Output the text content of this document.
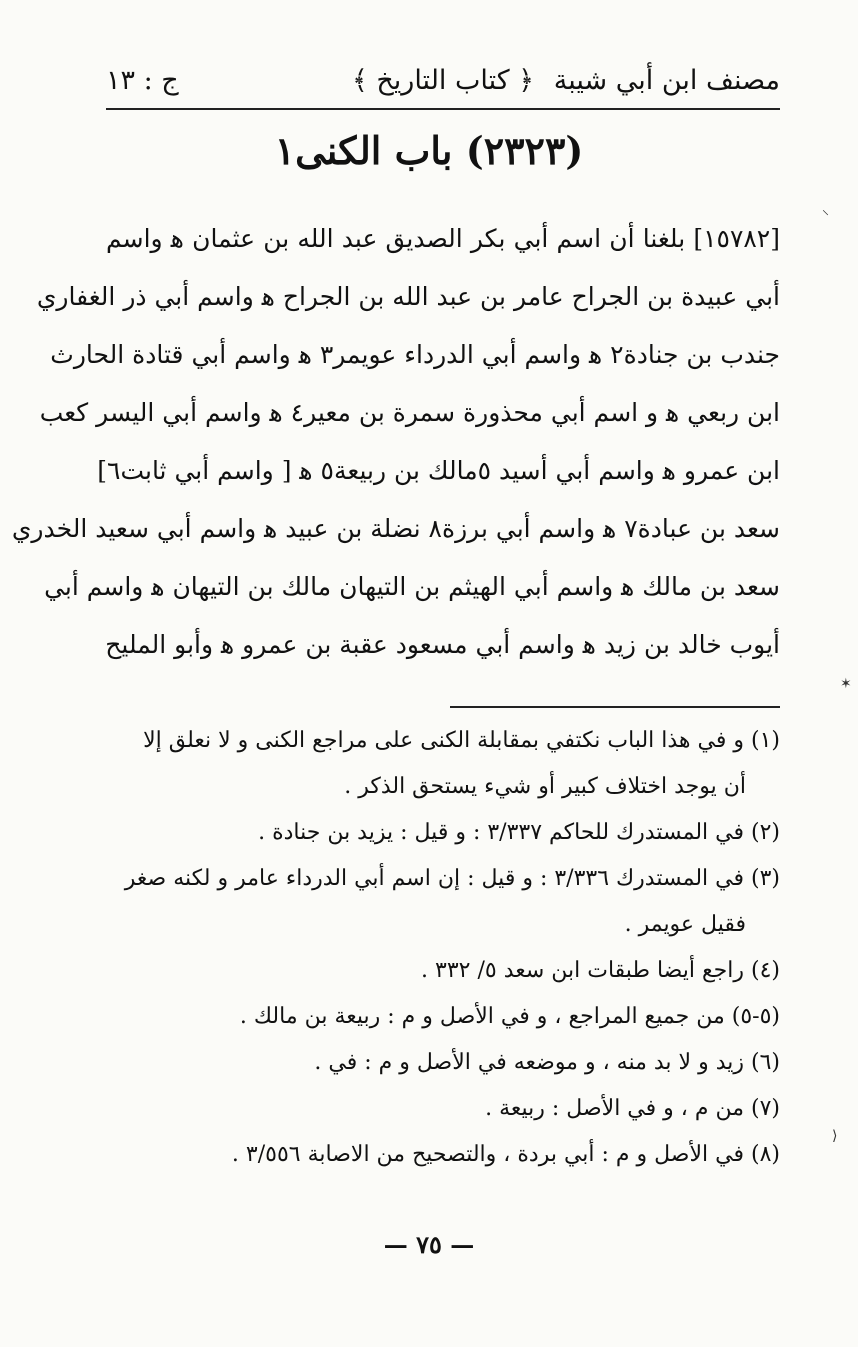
مصنف ابن أبي شيبة
﴿ كتاب التاريخ ﴾
ج : ١٣
(٢٣٢٣) باب الكنى١
[١٥٧٨٢] بلغنا أن اسم أبي بكر الصديق عبد الله بن عثمان ﻫ واسم
أبي عبيدة بن الجراح عامر بن عبد الله بن الجراح ﻫ واسم أبي ذر الغفاري
جندب بن جنادة٢ ﻫ واسم أبي الدرداء عويمر٣ ﻫ واسم أبي قتادة الحارث
ابن ربعي ﻫ و اسم أبي محذورة سمرة بن معير٤ ﻫ واسم أبي اليسر كعب
ابن عمرو ﻫ واسم أبي أسيد ٥مالك بن ربيعة٥ ﻫ [ واسم أبي ثابت٦]
سعد بن عبادة٧ ﻫ واسم أبي برزة٨ نضلة بن عبيد ﻫ واسم أبي سعيد الخدري
سعد بن مالك ﻫ واسم أبي الهيثم بن التيهان مالك بن التيهان ﻫ واسم أبي
أيوب خالد بن زيد ﻫ واسم أبي مسعود عقبة بن عمرو ﻫ وأبو المليح
(١) و في هذا الباب نكتفي بمقابلة الكنى على مراجع الكنى و لا نعلق إلا
أن يوجد اختلاف كبير أو شيء يستحق الذكر .
(٢) في المستدرك للحاكم ٣/٣٣٧ : و قيل : يزيد بن جنادة .
(٣) في المستدرك ٣/٣٣٦ : و قيل : إن اسم أبي الدرداء عامر و لكنه صغر
فقيل عويمر .
(٤) راجع أيضا طبقات ابن سعد ٥/ ٣٣٢ .
(٥-٥) من جميع المراجع ، و في الأصل و م : ربيعة بن مالك .
(٦) زيد و لا بد منه ، و موضعه في الأصل و م : في .
(٧) من م ، و في الأصل : ربيعة .
(٨) في الأصل و م : أبي بردة ، والتصحيح من الاصابة ٣/٥٥٦ .
— ٧٥ —
⸌
✶
⟩
